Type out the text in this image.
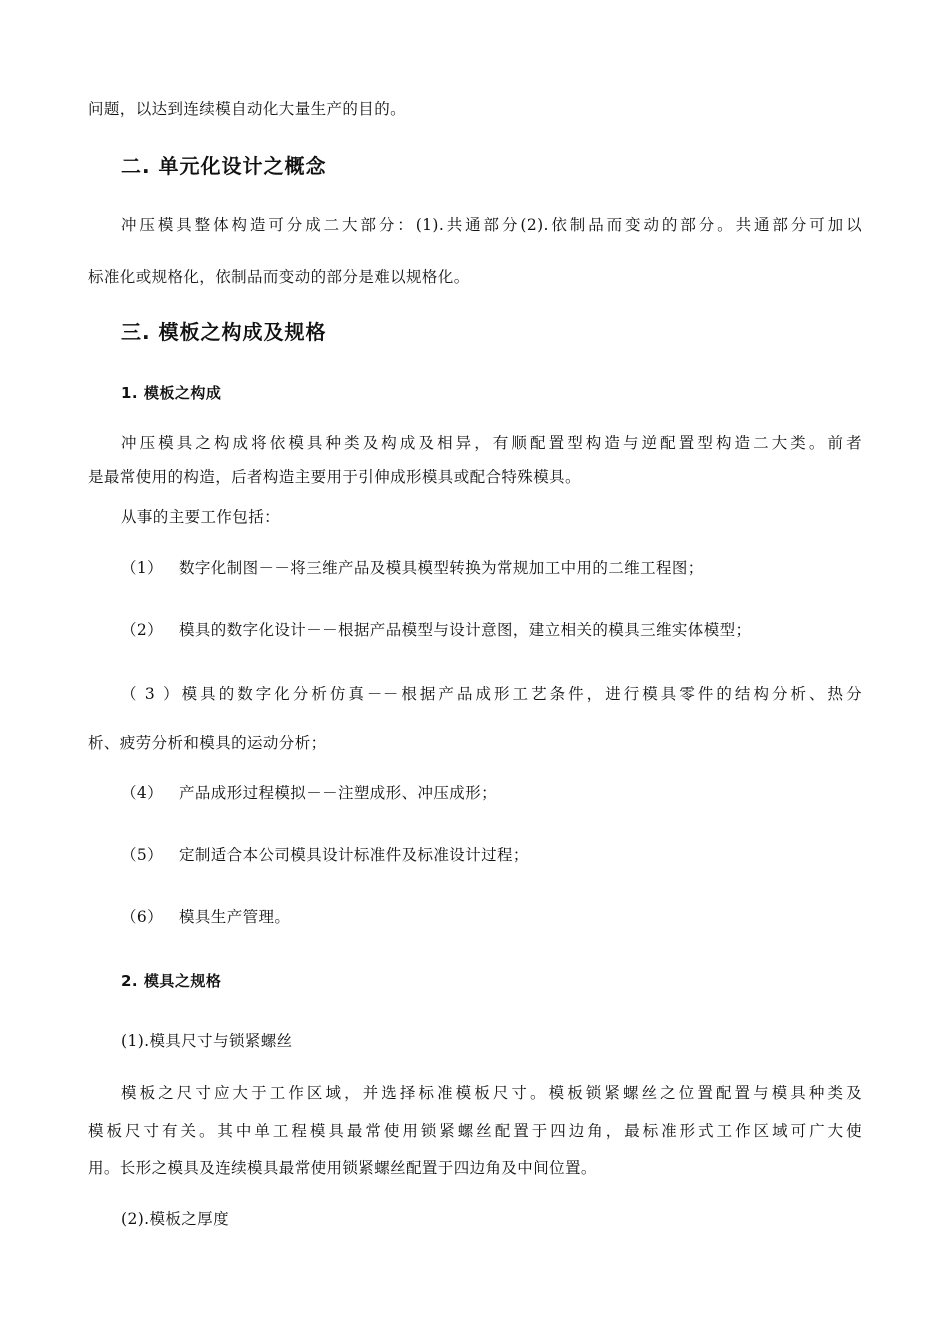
问题，以达到连续模自动化大量生产的目的。
二. 单元化设计之概念
冲压模具整体构造可分成二大部分：(1).共通部分(2).依制品而变动的部分。共通部分可加以
标准化或规格化，依制品而变动的部分是难以规格化。
三. 模板之构成及规格
1. 模板之构成
冲压模具之构成将依模具种类及构成及相异，有顺配置型构造与逆配置型构造二大类。前者
是最常使用的构造，后者构造主要用于引伸成形模具或配合特殊模具。
从事的主要工作包括：
（1） 数字化制图－－将三维产品及模具模型转换为常规加工中用的二维工程图；
（2） 模具的数字化设计－－根据产品模型与设计意图，建立相关的模具三维实体模型；
（3）模具的数字化分析仿真－－根据产品成形工艺条件，进行模具零件的结构分析、热分
析、疲劳分析和模具的运动分析；
（4） 产品成形过程模拟－－注塑成形、冲压成形；
（5） 定制适合本公司模具设计标准件及标准设计过程；
（6） 模具生产管理。
2. 模具之规格
(1).模具尺寸与锁紧螺丝
模板之尺寸应大于工作区域，并选择标准模板尺寸。模板锁紧螺丝之位置配置与模具种类及
模板尺寸有关。其中单工程模具最常使用锁紧螺丝配置于四边角，最标准形式工作区域可广大使
用。长形之模具及连续模具最常使用锁紧螺丝配置于四边角及中间位置。
(2).模板之厚度
